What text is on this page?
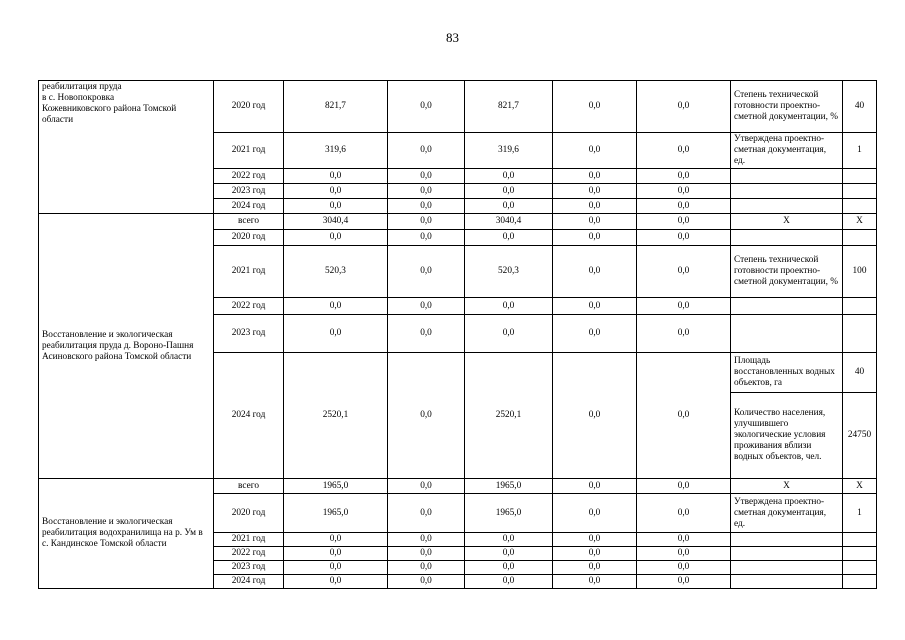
83
реабилитация пруда
в с. Новопокровка
Кожевниковского района Томской
области	2020 год	821,7	0,0	821,7	0,0	0,0	Степень технической готовности проектно-сметной документации, %	40
	2021 год	319,6	0,0	319,6	0,0	0,0	Утверждена проектно-сметная документация, ед.	1
	2022 год	0,0	0,0	0,0	0,0	0,0		
	2023 год	0,0	0,0	0,0	0,0	0,0		
	2024 год	0,0	0,0	0,0	0,0	0,0		
Восстановление и экологическая реабилитация пруда д. Вороно-Пашня Асиновского района Томской области	всего	3040,4	0,0	3040,4	0,0	0,0	Х	Х
	2020 год	0,0	0,0	0,0	0,0	0,0		
	2021 год	520,3	0,0	520,3	0,0	0,0	Степень технической готовности проектно-сметной документации, %	100
	2022 год	0,0	0,0	0,0	0,0	0,0		
	2023 год	0,0	0,0	0,0	0,0	0,0		
	2024 год	2520,1	0,0	2520,1	0,0	0,0	Площадь восстановленных водных объектов, га	40
							Количество населения, улучшившего экологические условия проживания вблизи водных объектов, чел.	24750
Восстановление и экологическая реабилитация водохранилища на р. Ум в с. Кандинское Томской области	всего	1965,0	0,0	1965,0	0,0	0,0	Х	Х
	2020 год	1965,0	0,0	1965,0	0,0	0,0	Утверждена проектно-сметная документация, ед.	1
	2021 год	0,0	0,0	0,0	0,0	0,0		
	2022 год	0,0	0,0	0,0	0,0	0,0		
	2023 год	0,0	0,0	0,0	0,0	0,0		
	2024 год	0,0	0,0	0,0	0,0	0,0		
